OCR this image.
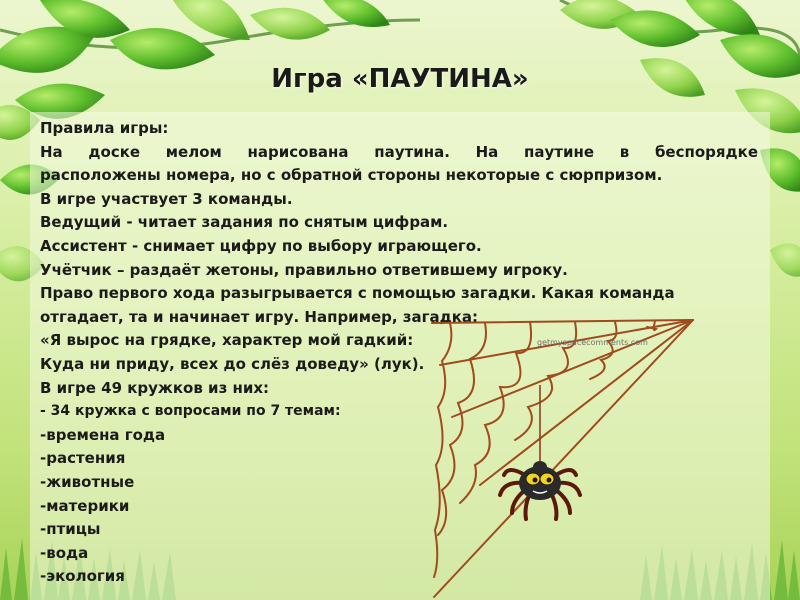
Игра «ПАУТИНА»
Правила игры:
На доске мелом нарисована паутина. На паутине в беспорядке
расположены номера, но с обратной стороны некоторые с сюрпризом.
В игре участвует 3 команды.
Ведущий - читает задания по снятым цифрам.
Ассистент - снимает цифру по выбору играющего.
Учётчик – раздаёт жетоны, правильно ответившему игроку.
Право первого хода разыгрывается с помощью загадки. Какая команда
отгадает, та и начинает игру. Например, загадка:
«Я вырос на грядке, характер мой гадкий:
Куда ни приду, всех до слёз доведу» (лук).
В игре 49 кружков из них:
- 34 кружка с вопросами по 7 темам:
-времена года
-растения
-животные
-материки
-птицы
-вода
-экология
getmyspacecomments.com
